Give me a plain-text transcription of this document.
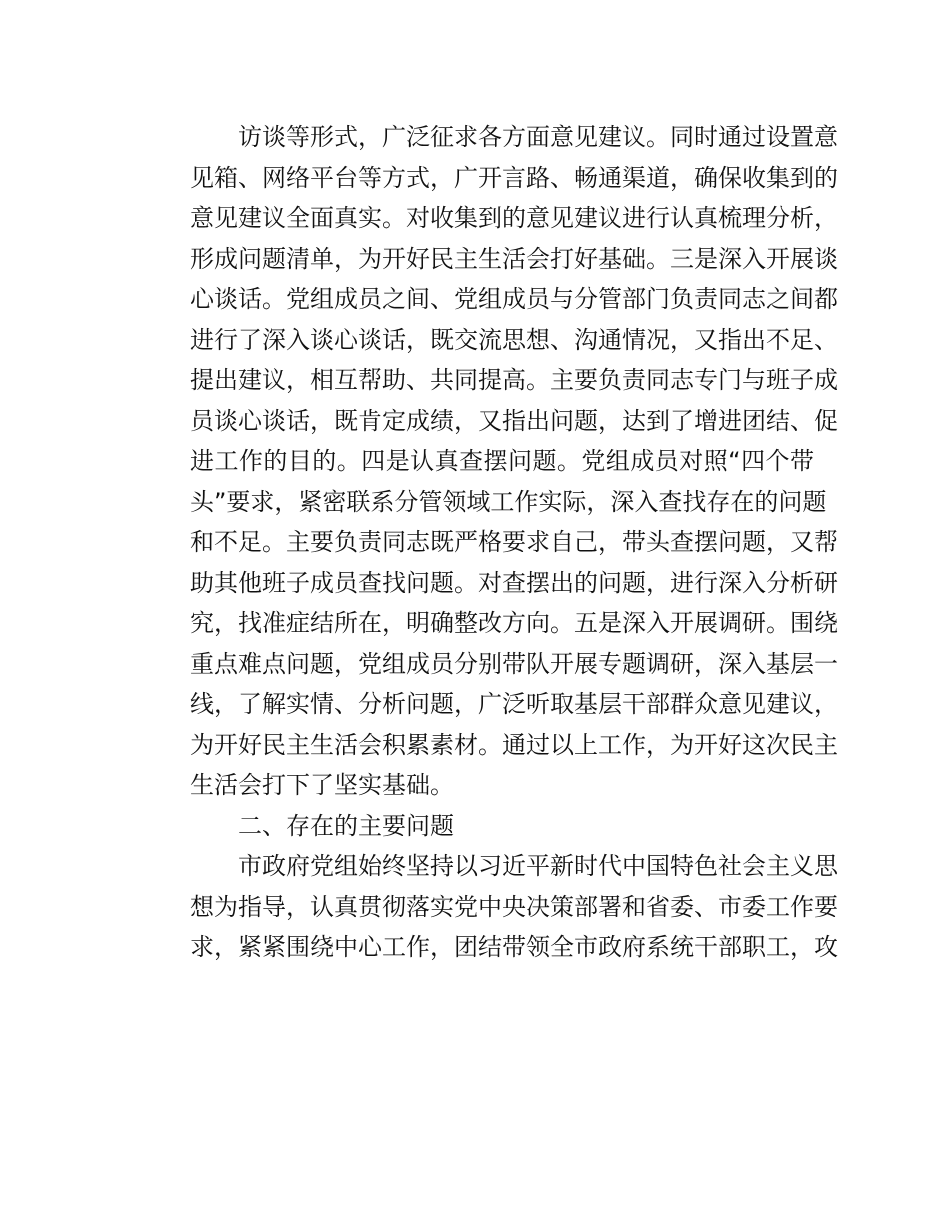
访谈等形式，广泛征求各方面意见建议。同时通过设置意
见箱、网络平台等方式，广开言路、畅通渠道，确保收集到的
意见建议全面真实。对收集到的意见建议进行认真梳理分析，
形成问题清单，为开好民主生活会打好基础。三是深入开展谈
心谈话。党组成员之间、党组成员与分管部门负责同志之间都
进行了深入谈心谈话，既交流思想、沟通情况，又指出不足、
提出建议，相互帮助、共同提高。主要负责同志专门与班子成
员谈心谈话，既肯定成绩，又指出问题，达到了增进团结、促
进工作的目的。四是认真查摆问题。党组成员对照“四个带
头”要求，紧密联系分管领域工作实际，深入查找存在的问题
和不足。主要负责同志既严格要求自己，带头查摆问题，又帮
助其他班子成员查找问题。对查摆出的问题，进行深入分析研
究，找准症结所在，明确整改方向。五是深入开展调研。围绕
重点难点问题，党组成员分别带队开展专题调研，深入基层一
线，了解实情、分析问题，广泛听取基层干部群众意见建议，
为开好民主生活会积累素材。通过以上工作，为开好这次民主
生活会打下了坚实基础。
二、存在的主要问题
市政府党组始终坚持以习近平新时代中国特色社会主义思
想为指导，认真贯彻落实党中央决策部署和省委、市委工作要
求，紧紧围绕中心工作，团结带领全市政府系统干部职工，攻
